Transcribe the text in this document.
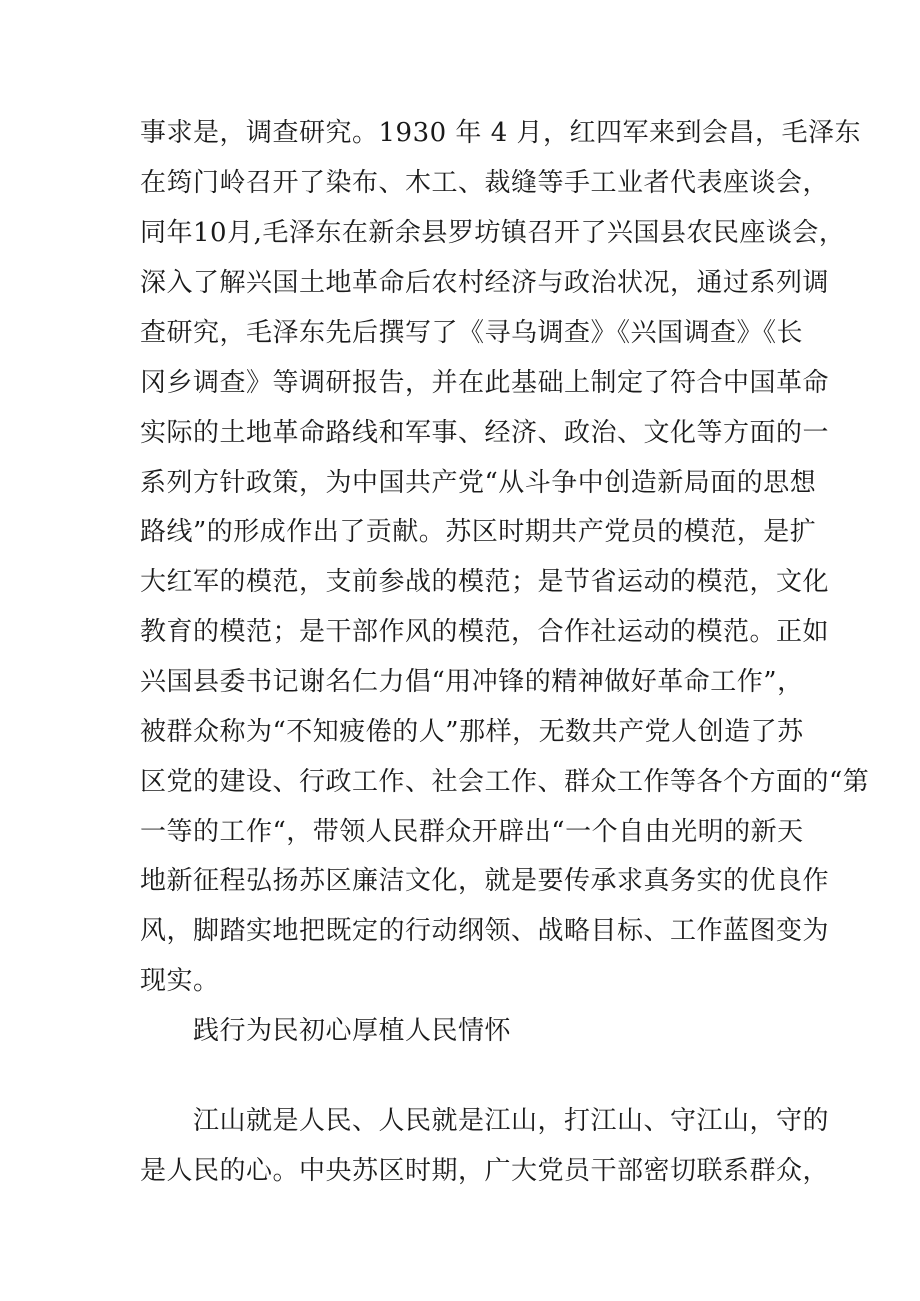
事求是，调查研究。1930 年 4 月，红四军来到会昌，毛泽东
在筠门岭召开了染布、木工、裁缝等手工业者代表座谈会，
同年10月,毛泽东在新余县罗坊镇召开了兴国县农民座谈会，
深入了解兴国土地革命后农村经济与政治状况，通过系列调
查研究，毛泽东先后撰写了《寻乌调查》《兴国调查》《长
冈乡调查》等调研报告，并在此基础上制定了符合中国革命
实际的土地革命路线和军事、经济、政治、文化等方面的一
系列方针政策，为中国共产党“从斗争中创造新局面的思想
路线”的形成作出了贡献。苏区时期共产党员的模范，是扩
大红军的模范，支前参战的模范；是节省运动的模范，文化
教育的模范；是干部作风的模范，合作社运动的模范。正如
兴国县委书记谢名仁力倡“用冲锋的精神做好革命工作”，
被群众称为“不知疲倦的人”那样，无数共产党人创造了苏
区党的建设、行政工作、社会工作、群众工作等各个方面的“第
一等的工作“，带领人民群众开辟出“一个自由光明的新天
地新征程弘扬苏区廉洁文化，就是要传承求真务实的优良作
风，脚踏实地把既定的行动纲领、战略目标、工作蓝图变为
现实。
践行为民初心厚植人民情怀
江山就是人民、人民就是江山，打江山、守江山，守的
是人民的心。中央苏区时期，广大党员干部密切联系群众，
